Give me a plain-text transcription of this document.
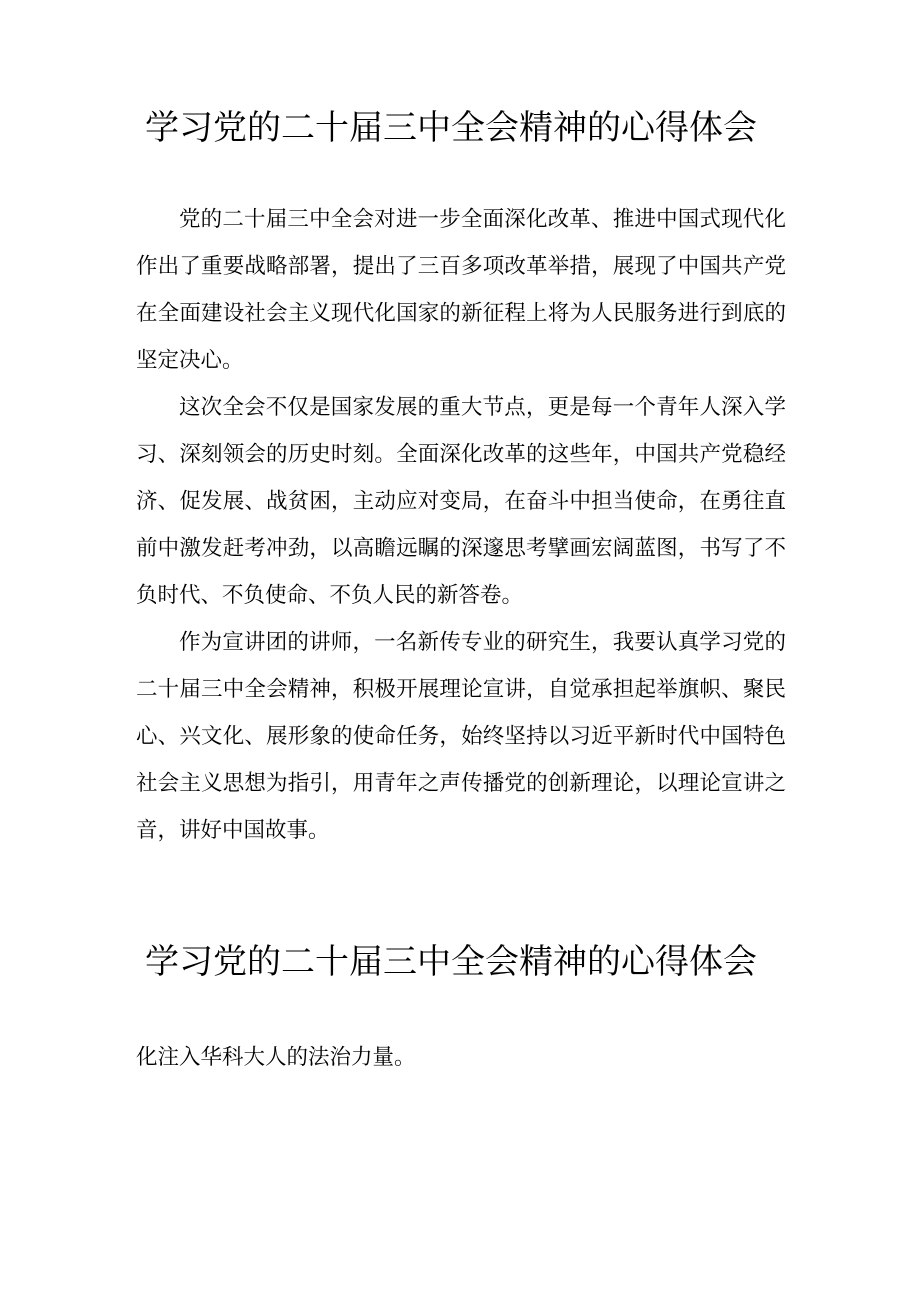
学习党的二十届三中全会精神的心得体会

党的二十届三中全会对进一步全面深化改革、推进中国式现代化作出了重要战略部署，提出了三百多项改革举措，展现了中国共产党在全面建设社会主义现代化国家的新征程上将为人民服务进行到底的坚定决心。

这次全会不仅是国家发展的重大节点，更是每一个青年人深入学习、深刻领会的历史时刻。全面深化改革的这些年，中国共产党稳经济、促发展、战贫困，主动应对变局，在奋斗中担当使命，在勇往直前中激发赶考冲劲，以高瞻远瞩的深邃思考擘画宏阔蓝图，书写了不负时代、不负使命、不负人民的新答卷。

作为宣讲团的讲师，一名新传专业的研究生，我要认真学习党的二十届三中全会精神，积极开展理论宣讲，自觉承担起举旗帜、聚民心、兴文化、展形象的使命任务，始终坚持以习近平新时代中国特色社会主义思想为指引，用青年之声传播党的创新理论，以理论宣讲之音，讲好中国故事。

学习党的二十届三中全会精神的心得体会

化注入华科大人的法治力量。
